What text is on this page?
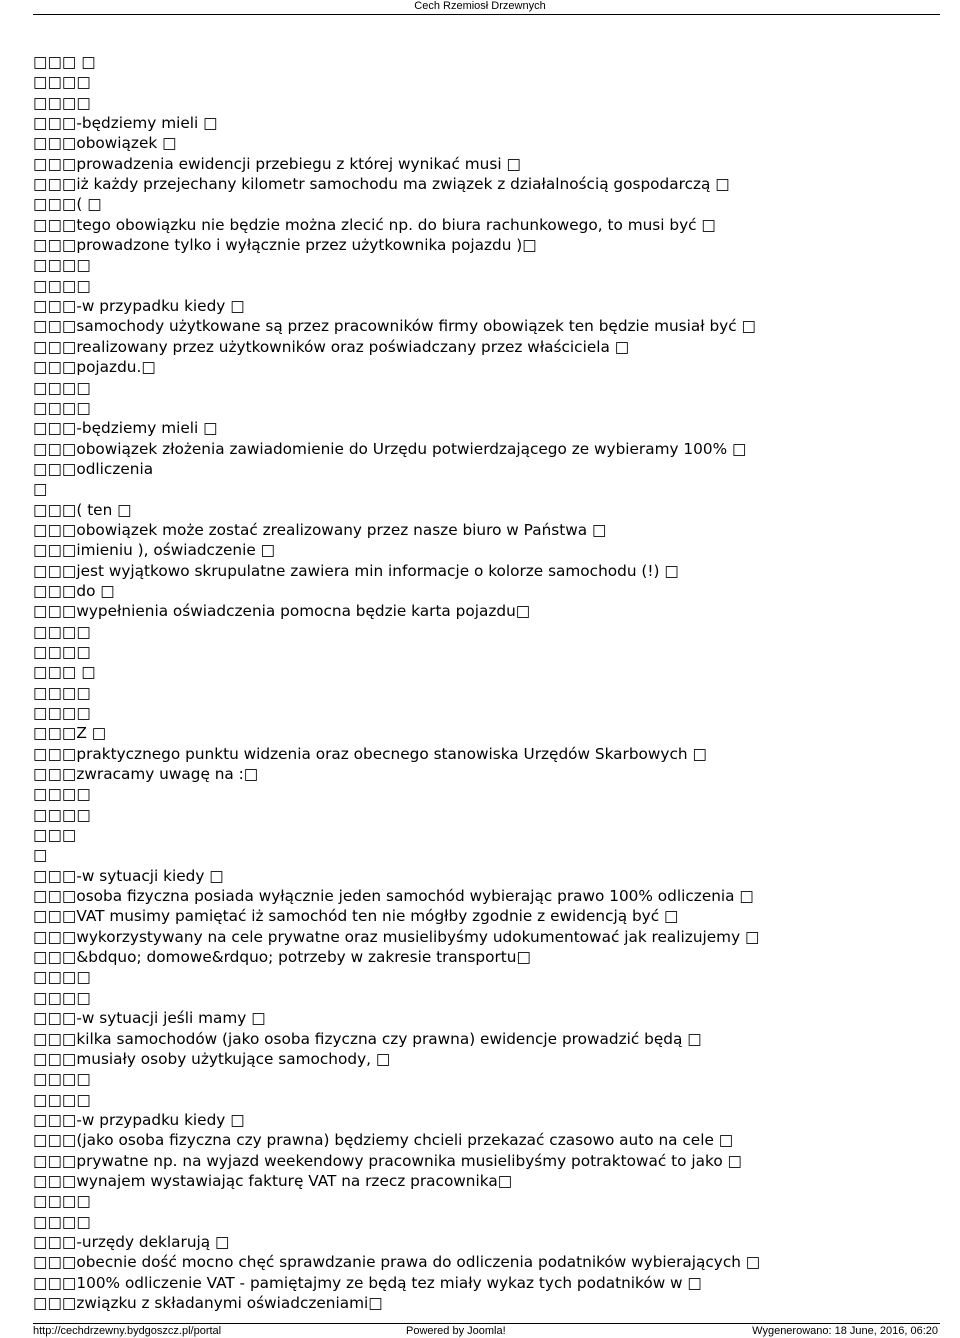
Cech Rzemiosł Drzewnych
□□□ □
□□□□
□□□□
□□□-będziemy mieli □
□□□obowiązek □
□□□prowadzenia ewidencji przebiegu z której wynikać musi □
□□□iż każdy przejechany kilometr samochodu ma związek z działalnością gospodarczą □
□□□( □
□□□tego obowiązku nie będzie można zlecić np. do biura rachunkowego, to musi być □
□□□prowadzone tylko i wyłącznie przez użytkownika pojazdu )□
□□□□
□□□□
□□□-w przypadku kiedy □
□□□samochody użytkowane są przez pracowników firmy obowiązek ten będzie musiał być □
□□□realizowany przez użytkowników oraz poświadczany przez właściciela □
□□□pojazdu.□
□□□□
□□□□
□□□-będziemy mieli □
□□□obowiązek złożenia zawiadomienie do Urzędu potwierdzającego ze wybieramy 100% □
□□□odliczenia
□
□□□( ten □
□□□obowiązek może zostać zrealizowany przez nasze biuro w Państwa □
□□□imieniu ), oświadczenie □
□□□jest wyjątkowo skrupulatne zawiera min informacje o kolorze samochodu (!) □
□□□do □
□□□wypełnienia oświadczenia pomocna będzie karta pojazdu□
□□□□
□□□□
□□□ □
□□□□
□□□□
□□□Z □
□□□praktycznego punktu widzenia oraz obecnego stanowiska Urzędów Skarbowych □
□□□zwracamy uwagę na :□
□□□□
□□□□
□□□
□
□□□-w sytuacji kiedy □
□□□osoba fizyczna posiada wyłącznie jeden samochód wybierając prawo 100% odliczenia □
□□□VAT musimy pamiętać iż samochód ten nie mógłby zgodnie z ewidencją być □
□□□wykorzystywany na cele prywatne oraz musielibyśmy udokumentować jak realizujemy □
□□□&bdquo; domowe&rdquo; potrzeby w zakresie transportu□
□□□□
□□□□
□□□-w sytuacji jeśli mamy □
□□□kilka samochodów (jako osoba fizyczna czy prawna) ewidencje prowadzić będą □
□□□musiały osoby użytkujące samochody, □
□□□□
□□□□
□□□-w przypadku kiedy □
□□□(jako osoba fizyczna czy prawna) będziemy chcieli przekazać czasowo auto na cele □
□□□prywatne np. na wyjazd weekendowy pracownika musielibyśmy potraktować to jako □
□□□wynajem wystawiając fakturę VAT na rzecz pracownika□
□□□□
□□□□
□□□-urzędy deklarują □
□□□obecnie dość mocno chęć sprawdzanie prawa do odliczenia podatników wybierających □
□□□100% odliczenie VAT - pamiętajmy ze będą tez miały wykaz tych podatników w □
□□□związku z składanymi oświadczeniami□
http://cechdrzewny.bydgoszcz.pl/portal	Powered by Joomla!	Wygenerowano: 18 June, 2016, 06:20
